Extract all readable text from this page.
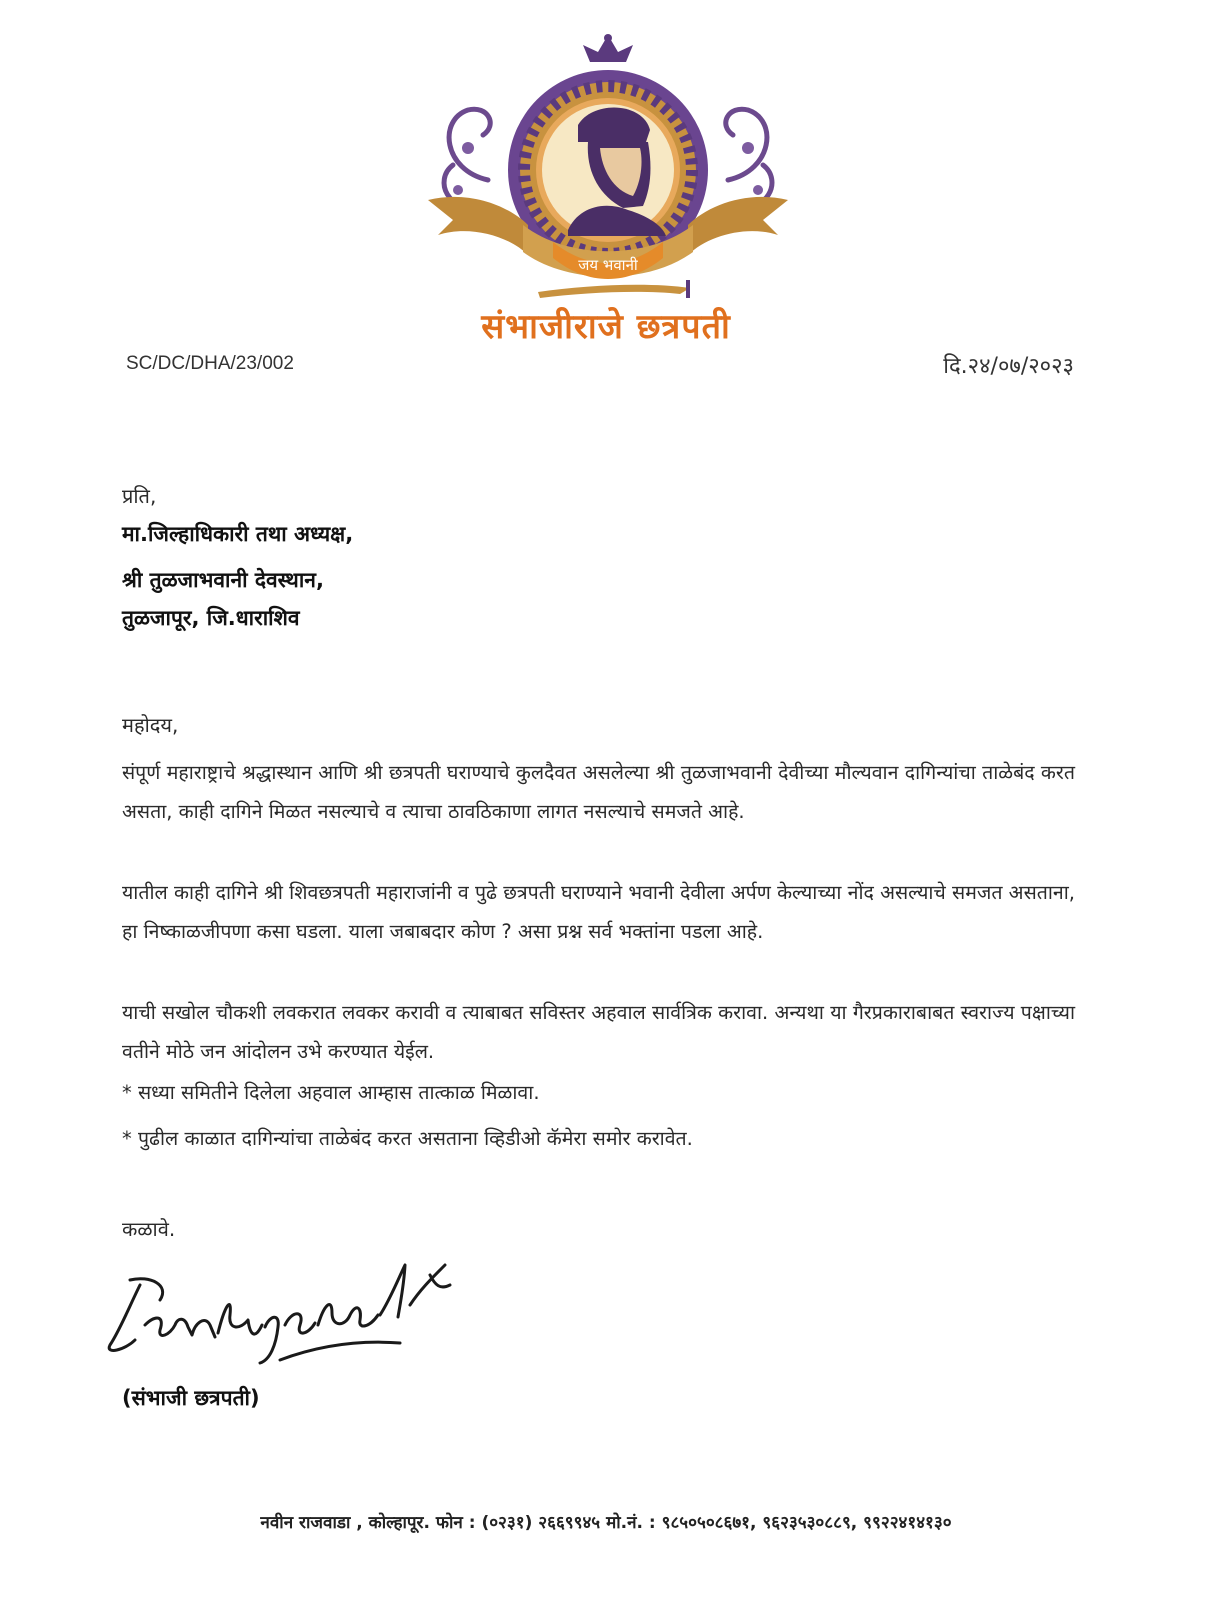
जय भवानी
संभाजीराजे छत्रपती
SC/DC/DHA/23/002	दि.२४/०७/२०२३
प्रति,
मा.जिल्हाधिकारी तथा अध्यक्ष,
श्री तुळजाभवानी देवस्थान,
तुळजापूर, जि.धाराशिव
महोदय,
संपूर्ण महाराष्ट्राचे श्रद्धास्थान आणि श्री छत्रपती घराण्याचे कुलदैवत असलेल्या श्री तुळजाभवानी देवीच्या मौल्यवान दागिन्यांचा ताळेबंद करत असता, काही दागिने मिळत नसल्याचे व त्याचा ठावठिकाणा लागत नसल्याचे समजते आहे.
यातील काही दागिने श्री शिवछत्रपती महाराजांनी व पुढे छत्रपती घराण्याने भवानी देवीला अर्पण केल्याच्या नोंद असल्याचे समजत असताना, हा निष्काळजीपणा कसा घडला. याला जबाबदार कोण ? असा प्रश्न सर्व भक्तांना पडला आहे.
याची सखोल चौकशी लवकरात लवकर करावी व त्याबाबत सविस्तर अहवाल सार्वत्रिक करावा. अन्यथा या गैरप्रकाराबाबत स्वराज्य पक्षाच्या वतीने मोठे जन आंदोलन उभे करण्यात येईल.
* सध्या समितीने दिलेला अहवाल आम्हास तात्काळ मिळावा.
* पुढील काळात दागिन्यांचा ताळेबंद करत असताना व्हिडीओ कॅमेरा समोर करावेत.
कळावे.
(संभाजी छत्रपती)
नवीन राजवाडा , कोल्हापूर. फोन : (०२३१) २६६९९४५ मो.नं. : ९८५०५०८६७१, ९६२३५३०८८९, ९९२२४१४१३०
